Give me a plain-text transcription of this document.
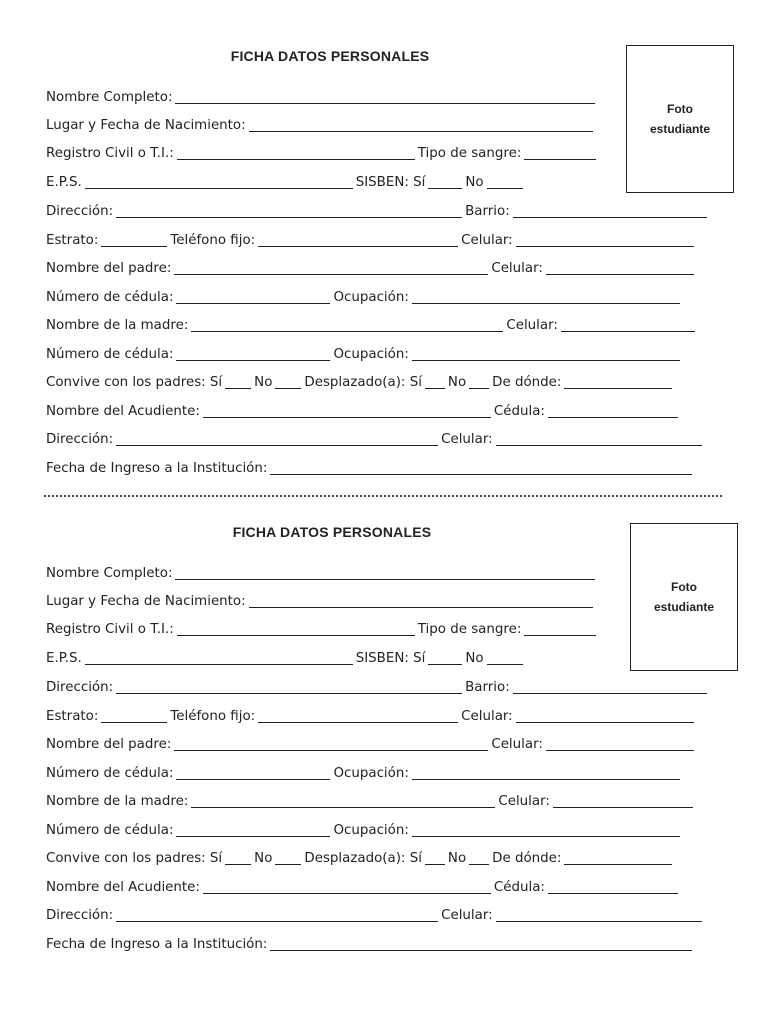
FICHA DATOS PERSONALES
Foto
estudiante
Nombre Completo:
Lugar y Fecha de Nacimiento:
Registro Civil o T.I.:	Tipo de sangre:
E.P.S.	SISBEN: Sí	No
Dirección:	Barrio:
Estrato:	Teléfono fijo:	Celular:
Nombre del padre:	Celular:
Número de cédula:	Ocupación:
Nombre de la madre:	Celular:
Número de cédula:	Ocupación:
Convive con los padres: Sí No Desplazado(a): Sí No De dónde:
Nombre del Acudiente:	Cédula:
Dirección:	Celular:
Fecha de Ingreso a la Institución:
FICHA DATOS PERSONALES
Foto
estudiante
Nombre Completo:
Lugar y Fecha de Nacimiento:
Registro Civil o T.I.:	Tipo de sangre:
E.P.S.	SISBEN: Sí	No
Dirección:	Barrio:
Estrato:	Teléfono fijo:	Celular:
Nombre del padre:	Celular:
Número de cédula:	Ocupación:
Nombre de la madre:	Celular:
Número de cédula:	Ocupación:
Convive con los padres: Sí No Desplazado(a): Sí No De dónde:
Nombre del Acudiente:	Cédula:
Dirección:	Celular:
Fecha de Ingreso a la Institución:
